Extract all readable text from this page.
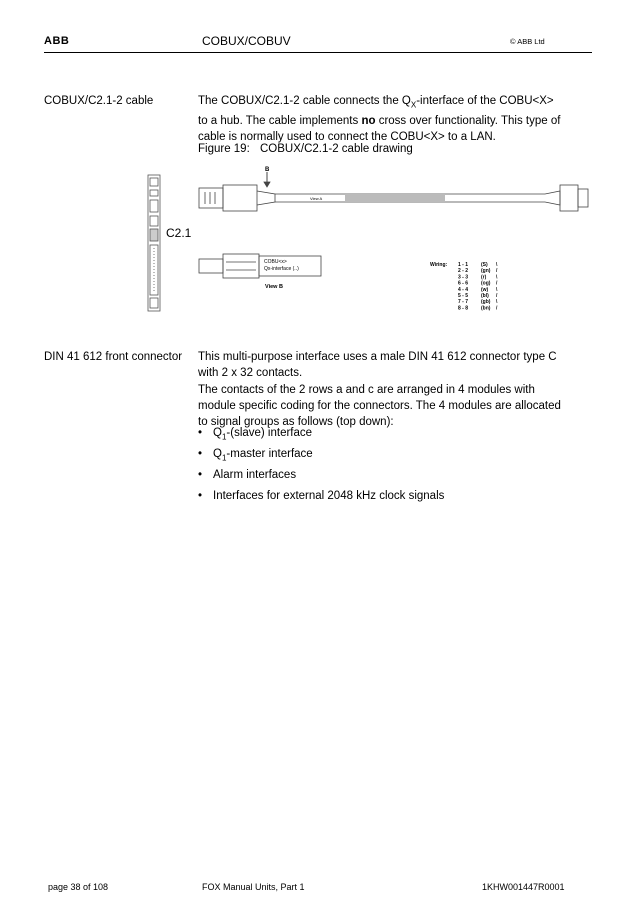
ABB	COBUX/COBUV	© ABB Ltd
COBUX/C2.1-2 cable	The COBUX/C2.1-2 cable connects the $Q_X$-interface of the COBU<X> to a hub. The cable implements no cross over functionality. This type of cable is normally used to connect the COBU<X> to a LAN.

Figure 19: COBUX/C2.1-2 cable drawing
C2.1
B
View A
COBU<x>
Qx-interface (..)
View B
Wiring: 1 - 1	(S) \
2 - 2	(gn) /
3 - 3	(r) \
6 - 6	(og) /
4 - 4	(w) \
5 - 5	(bl) /
7 - 7	(gb) \
8 - 8	(bn) /
DIN 41 612 front connector This multi-purpose interface uses a male DIN 41 612 connector type C with 2 x 32 contacts.

The contacts of the 2 rows a and c are arranged in 4 modules with module specific coding for the connectors. The 4 modules are allocated to signal groups as follows (top down):

• $Q_1-(slave)$ interface
• $Q_1$-master interface
• Alarm interfaces
• Interfaces for external 2048 kHz clock signals
page 38 of 108	FOX Manual Units, Part 1	1KHW001447R0001
